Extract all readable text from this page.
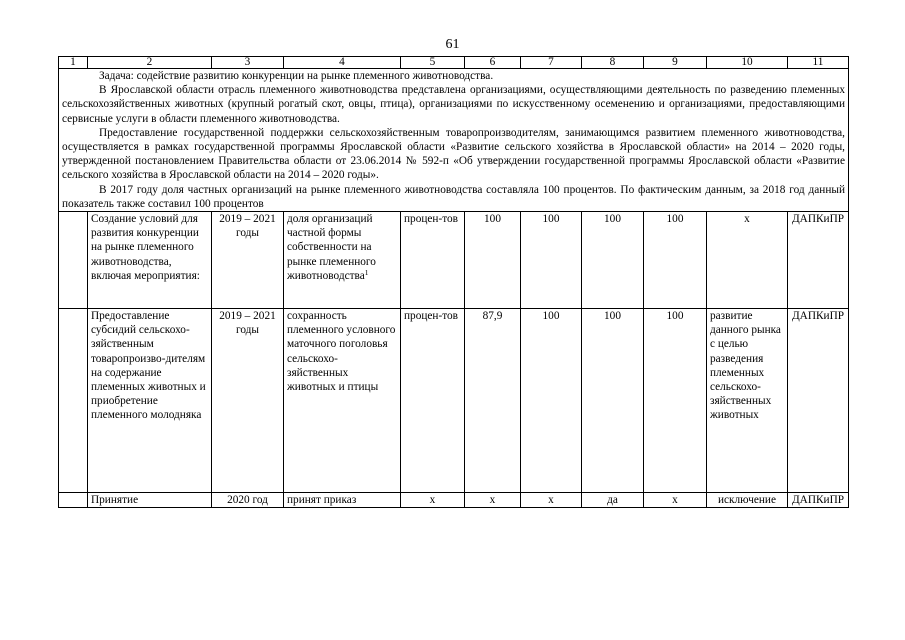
61
1	2	3	4	5	6	7	8	9	10	11

Задача: содействие развитию конкуренции на рынке племенного животноводства.

В Ярославской области отрасль племенного животноводства представлена организациями, осуществляющими деятельность по разведению племенных сельскохозяйственных животных (крупный рогатый скот, овцы, птица), организациями по искусственному осеменению и организациями, предоставляющими сервисные услуги в области племенного животноводства.

Предоставление государственной поддержки сельскохозяйственным товаропроизводителям, занимающимся развитием племенного животноводства, осуществляется в рамках государственной программы Ярославской области «Развитие сельского хозяйства в Ярославской области» на 2014 – 2020 годы, утвержденной постановлением Правительства области от 23.06.2014 № 592-п «Об утверждении государственной программы Ярославской области «Развитие сельского хозяйства в Ярославской области на 2014 – 2020 годы».

В 2017 году доля частных организаций на рынке племенного животноводства составляла 100 процентов. По фактическим данным, за 2018 год данный показатель также составил 100 процентов										

	Создание условий для развития конкуренции на рынке племенного животноводства, включая мероприятия:	2019 – 2021 годы	доля организаций частной формы собственности на рынке племенного животноводства$^1$	процен-тов	100	100	100	100	х	ДАПКиПР
	Предоставление субсидий сельскохо-зяйственным товаропроизво-дителям на содержание племенных животных и приобретение племенного молодняка	2019 – 2021 годы	сохранность племенного условного маточного поголовья сельскохо-зяйственных животных и птицы	процен-тов	87,9	100	100	100	развитие данного рынка с целью разведения племенных сельскохо-зяйственных животных	ДАПКиПР
	Принятие	2020 год	принят приказ	х	х	х	да	х	исключение	ДАПКиПР
